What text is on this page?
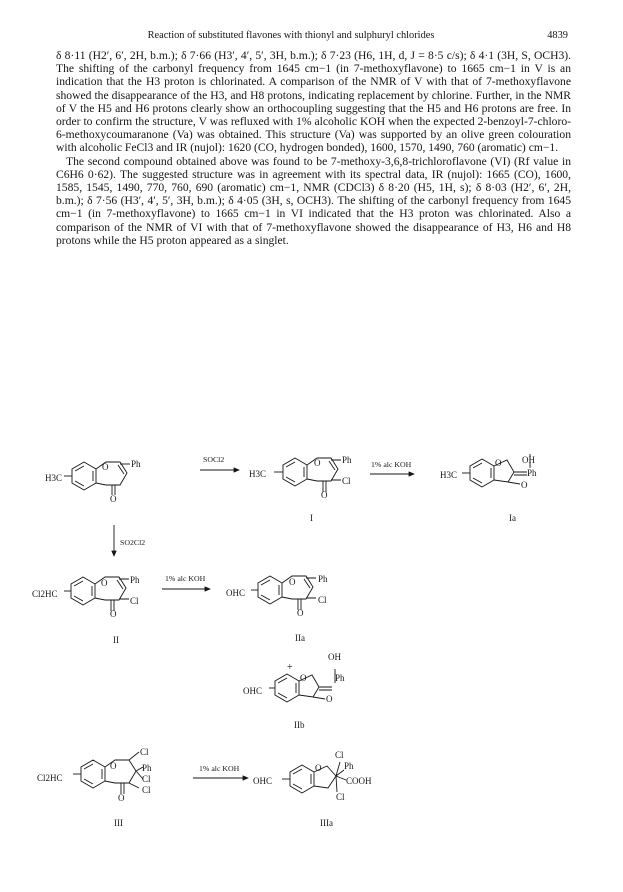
Reaction of substituted flavones with thionyl and sulphuryl chlorides	4839

δ 8·11 (H2′, 6′, 2H, b.m.); δ 7·66 (H3′, 4′, 5′, 3H, b.m.); δ 7·23 (H6, 1H, d, J = 8·5 c/s); δ 4·1 (3H, S, OCH3). The shifting of the carbonyl frequency from 1645 cm−1 (in 7-methoxyflavone) to 1665 cm−1 in V is an indication that the H3 proton is chlorinated. A comparison of the NMR of V with that of 7-methoxyflavone showed the disappearance of the H3, and H8 protons, indicating replacement by chlorine. Further, in the NMR of V the H5 and H6 protons clearly show an orthocoupling suggesting that the H5 and H6 protons are free. In order to confirm the structure, V was refluxed with 1% alcoholic KOH when the expected 2-benzoyl-7-chloro-6-methoxycoumaranone (Va) was obtained. This structure (Va) was supported by an olive green colouration with alcoholic FeCl3 and IR (nujol): 1620 (CO, hydrogen bonded), 1600, 1570, 1490, 760 (aromatic) cm−1.

The second compound obtained above was found to be 7-methoxy-3,6,8-trichloroflavone (VI) (Rf value in C6H6 0·62). The suggested structure was in agreement with its spectral data, IR (nujol): 1665 (CO), 1600, 1585, 1545, 1490, 770, 760, 690 (aromatic) cm−1, NMR (CDCl3) δ 8·20 (H5, 1H, s); δ 8·03 (H2′, 6′, 2H, b.m.); δ 7·56 (H3′, 4′, 5′, 3H, b.m.); δ 4·05 (3H, s, OCH3). The shifting of the carbonyl frequency from 1645 cm−1 (in 7-methoxyflavone) to 1665 cm−1 in VI indicated that the H3 proton was chlorinated. Also a comparison of the NMR of VI with that of 7-methoxyflavone showed the disappearance of H3, H6 and H8 protons while the H5 proton appeared as a singlet.

H3C
O	Ph
O
SOCl2
H3C
O Ph
Cl
O
I
1% alc KOH
H3C
O OH
Ph
O
Ia
SO2Cl2
Cl2HC
O	Ph
Cl
O
II
1% alc KOH
OHC
O	Ph
Cl
O
IIa
+
OHC
O
OH
Ph
O
IIb
Cl2HC
O
Cl
Ph
Cl
Cl
O
III
1% alc KOH
OHC
O
Cl
Ph
COOH
Cl
IIIa
